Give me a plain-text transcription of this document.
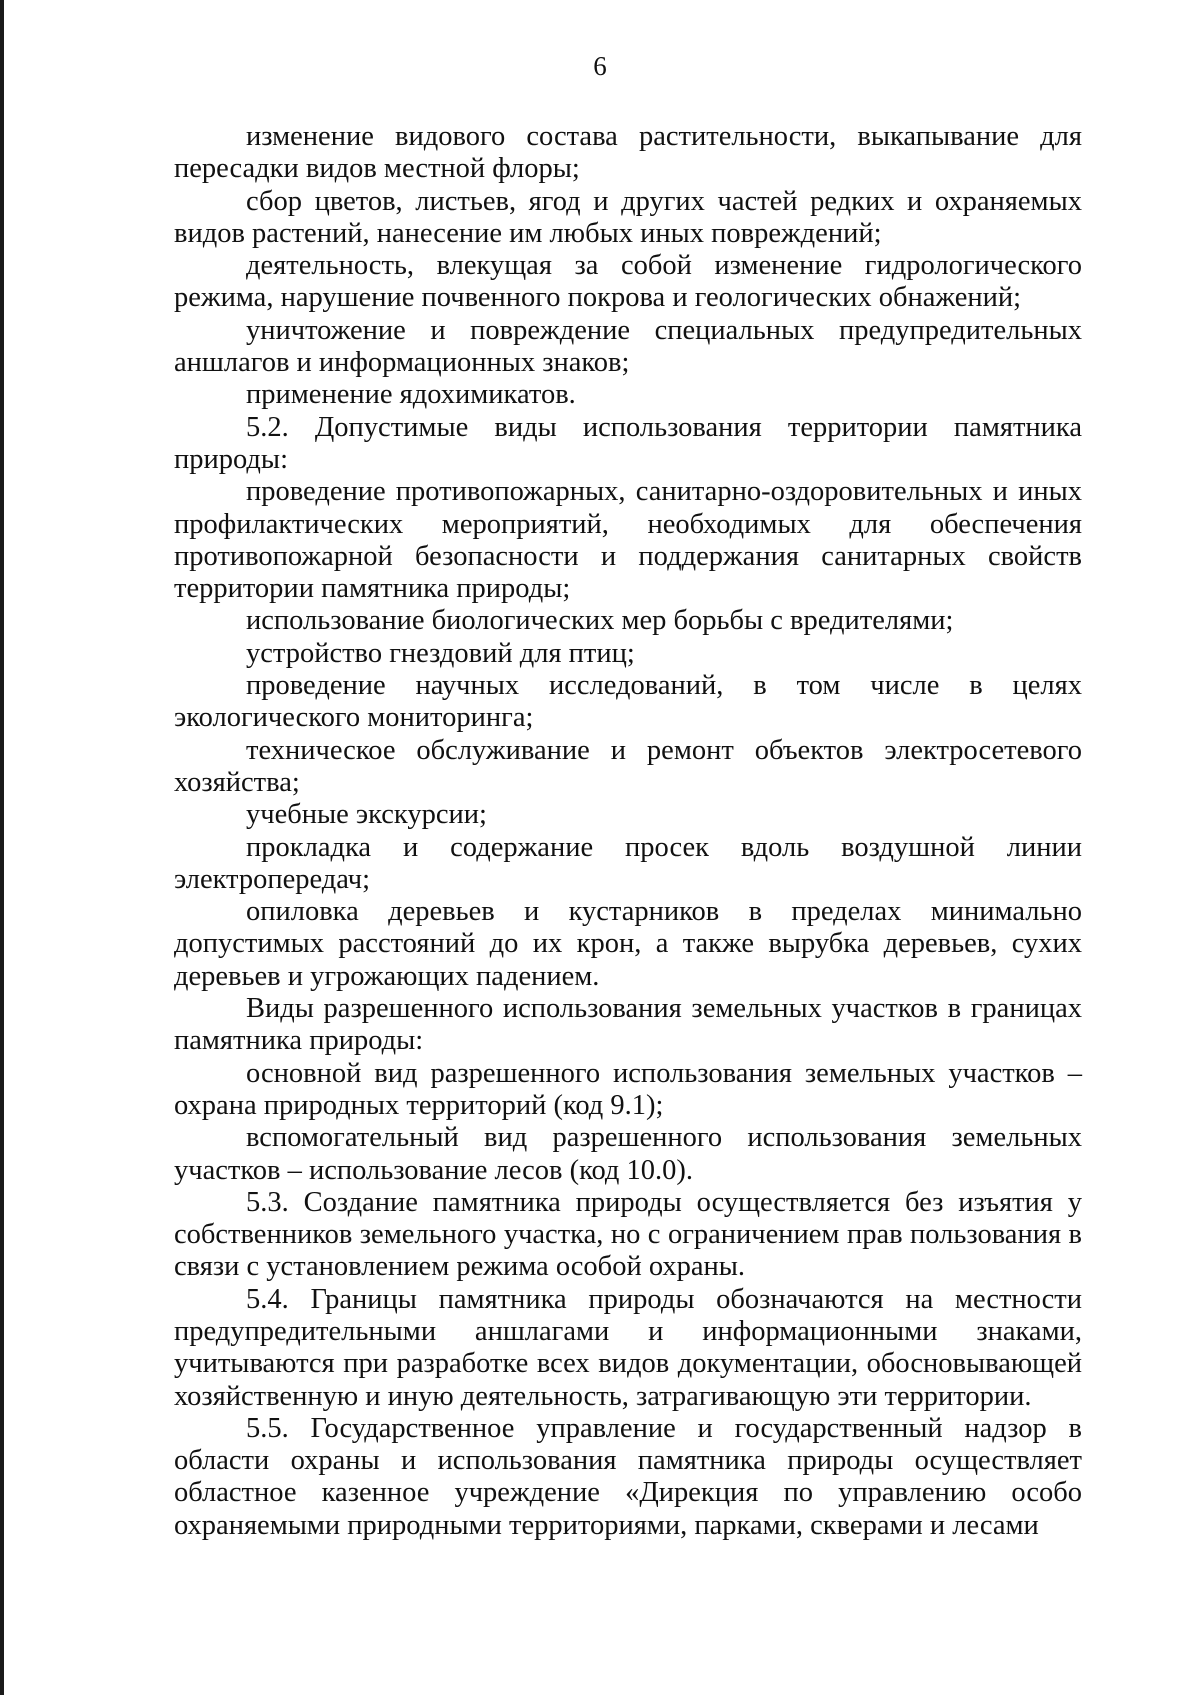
6

изменение видового состава растительности, выкапывание для пересадки видов местной флоры;

сбор цветов, листьев, ягод и других частей редких и охраняемых видов растений, нанесение им любых иных повреждений;

деятельность, влекущая за собой изменение гидрологического режима, нарушение почвенного покрова и геологических обнажений;

уничтожение и повреждение специальных предупредительных аншлагов и информационных знаков;

применение ядохимикатов.

5.2. Допустимые виды использования территории памятника природы:

проведение противопожарных, санитарно-оздоровительных и иных профилактических мероприятий, необходимых для обеспечения противопожарной безопасности и поддержания санитарных свойств территории памятника природы;

использование биологических мер борьбы с вредителями;

устройство гнездовий для птиц;

проведение научных исследований, в том числе в целях экологического мониторинга;

техническое обслуживание и ремонт объектов электросетевого хозяйства;

учебные экскурсии;

прокладка и содержание просек вдоль воздушной линии электропередач;

опиловка деревьев и кустарников в пределах минимально допустимых расстояний до их крон, а также вырубка деревьев, сухих деревьев и угрожающих падением.

Виды разрешенного использования земельных участков в границах памятника природы:

основной вид разрешенного использования земельных участков – охрана природных территорий (код 9.1);

вспомогательный вид разрешенного использования земельных участков – использование лесов (код 10.0).

5.3. Создание памятника природы осуществляется без изъятия у собственников земельного участка, но с ограничением прав пользования в связи с установлением режима особой охраны.

5.4. Границы памятника природы обозначаются на местности предупредительными аншлагами и информационными знаками, учитываются при разработке всех видов документации, обосновывающей хозяйственную и иную деятельность, затрагивающую эти территории.

5.5. Государственное управление и государственный надзор в области охраны и использования памятника природы осуществляет областное казенное учреждение «Дирекция по управлению особо охраняемыми природными территориями, парками, скверами и лесами
